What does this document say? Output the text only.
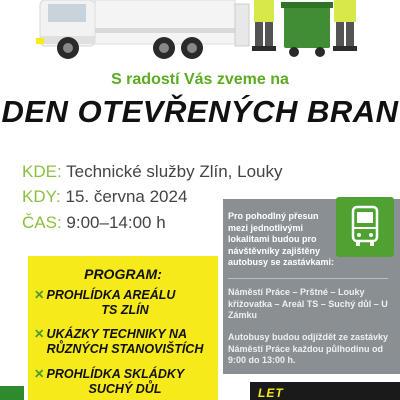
S radostí Vás zveme na
DEN OTEVŘENÝCH BRAN
KDE: Technické služby Zlín, Louky
KDY: 15. června 2024
ČAS: 9:00–14:00 h
PROGRAM:
✕ PROHLÍDKA AREÁLU
TS ZLÍN
✕ UKÁZKY TECHNIKY NA
RŮZNÝCH STANOVIŠTÍCH
✕ PROHLÍDKA SKLÁDKY
SUCHÝ DŮL
Pro pohodlný přesun mezi jednotlivými lokalitami budou pro návštěvníky zajištěny autobusy se zastávkami:
Náměstí Práce – Prštné – Louky křižovatka – Areál TS – Suchý důl – U Zámku
Autobusy budou odjíždět ze zastávky Náměstí Práce každou půlhodinu od 9:00 do 13:00 h.
LET
